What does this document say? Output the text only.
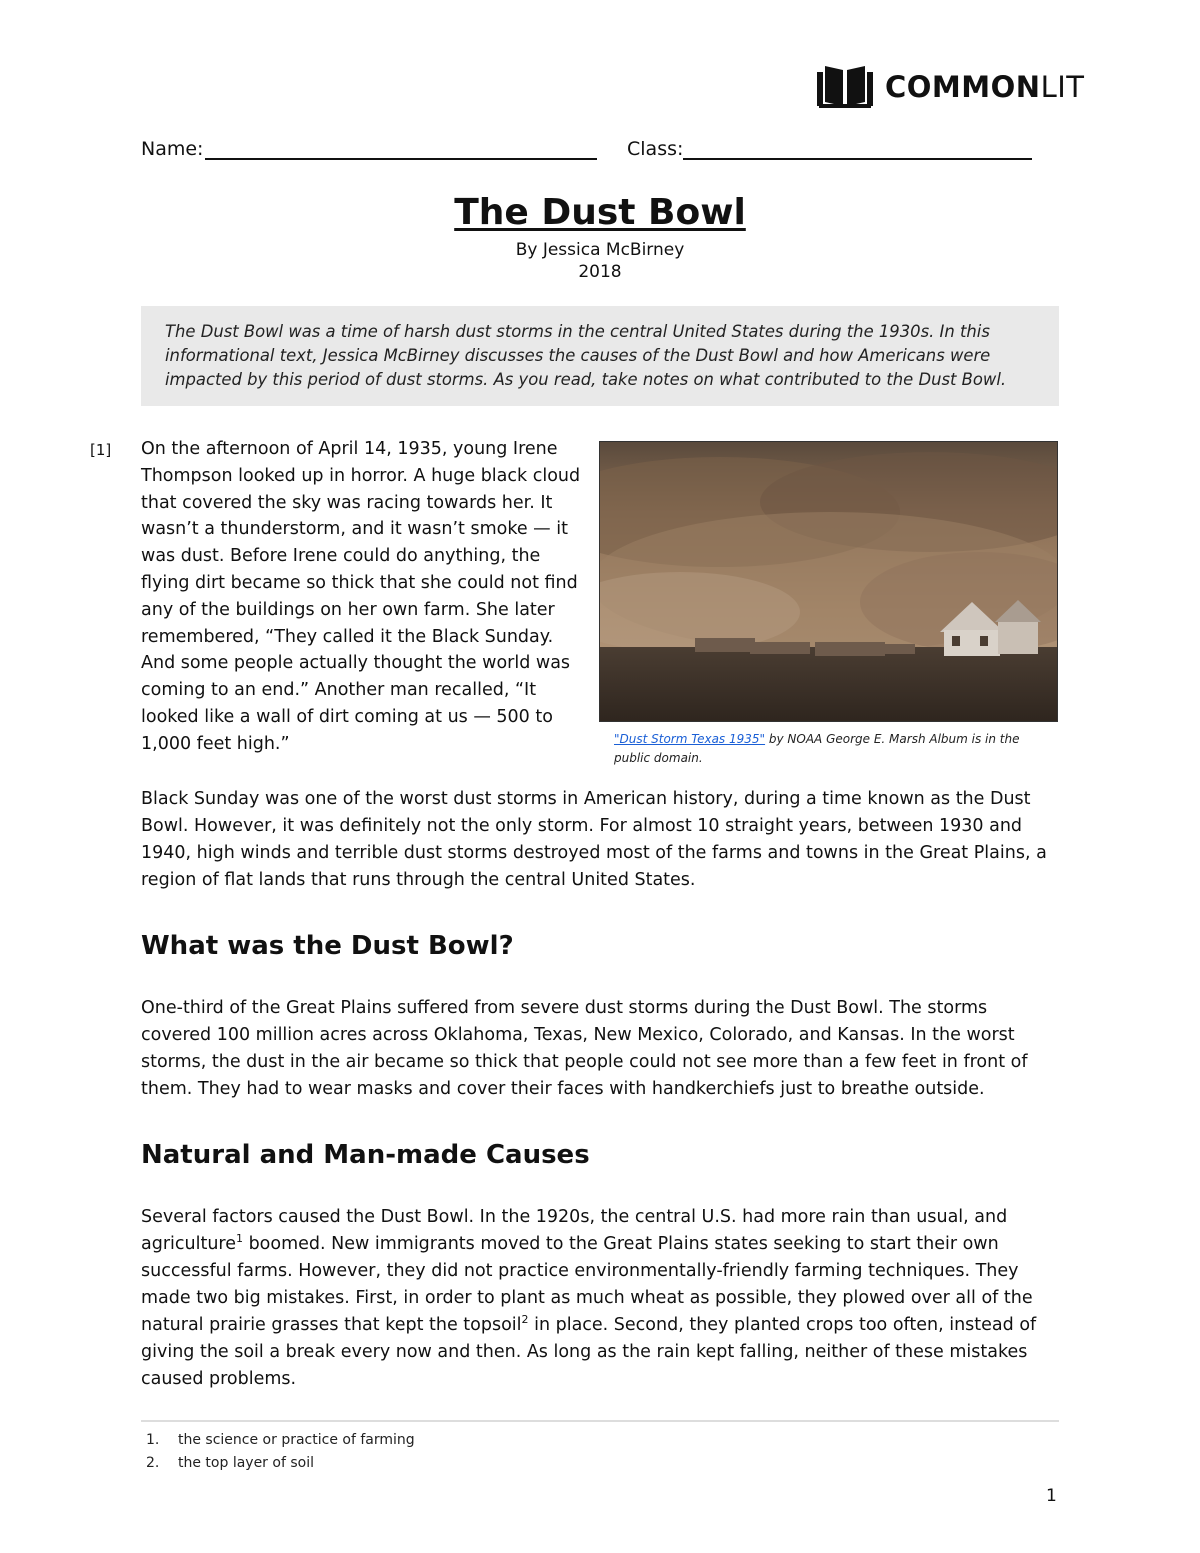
COMMONLIT
Name:	Class:
The Dust Bowl
By Jessica McBirney
2018
The Dust Bowl was a time of harsh dust storms in the central United States during the 1930s. In this informational text, Jessica McBirney discusses the causes of the Dust Bowl and how Americans were impacted by this period of dust storms. As you read, take notes on what contributed to the Dust Bowl.
[1] On the afternoon of April 14, 1935, young Irene Thompson looked up in horror. A huge black cloud that covered the sky was racing towards her. It wasn’t a thunderstorm, and it wasn’t smoke — it was dust. Before Irene could do anything, the flying dirt became so thick that she could not find any of the buildings on her own farm. She later remembered, “They called it the Black Sunday. And some people actually thought the world was coming to an end.” Another man recalled, “It looked like a wall of dirt coming at us — 500 to 1,000 feet high.”	"Dust Storm Texas 1935" by NOAA George E. Marsh Album is in the public domain.
Black Sunday was one of the worst dust storms in American history, during a time known as the Dust Bowl. However, it was definitely not the only storm. For almost 10 straight years, between 1930 and 1940, high winds and terrible dust storms destroyed most of the farms and towns in the Great Plains, a region of flat lands that runs through the central United States.
What was the Dust Bowl?
One-third of the Great Plains suffered from severe dust storms during the Dust Bowl. The storms covered 100 million acres across Oklahoma, Texas, New Mexico, Colorado, and Kansas. In the worst storms, the dust in the air became so thick that people could not see more than a few feet in front of them. They had to wear masks and cover their faces with handkerchiefs just to breathe outside.
Natural and Man-made Causes
Several factors caused the Dust Bowl. In the 1920s, the central U.S. had more rain than usual, and agriculture$^1$ boomed. New immigrants moved to the Great Plains states seeking to start their own successful farms. However, they did not practice environmentally-friendly farming techniques. They made two big mistakes. First, in order to plant as much wheat as possible, they plowed over all of the natural prairie grasses that kept the topsoil$^2$ in place. Second, they planted crops too often, instead of giving the soil a break every now and then. As long as the rain kept falling, neither of these mistakes caused problems.
1. the science or practice of farming
2. the top layer of soil
1
